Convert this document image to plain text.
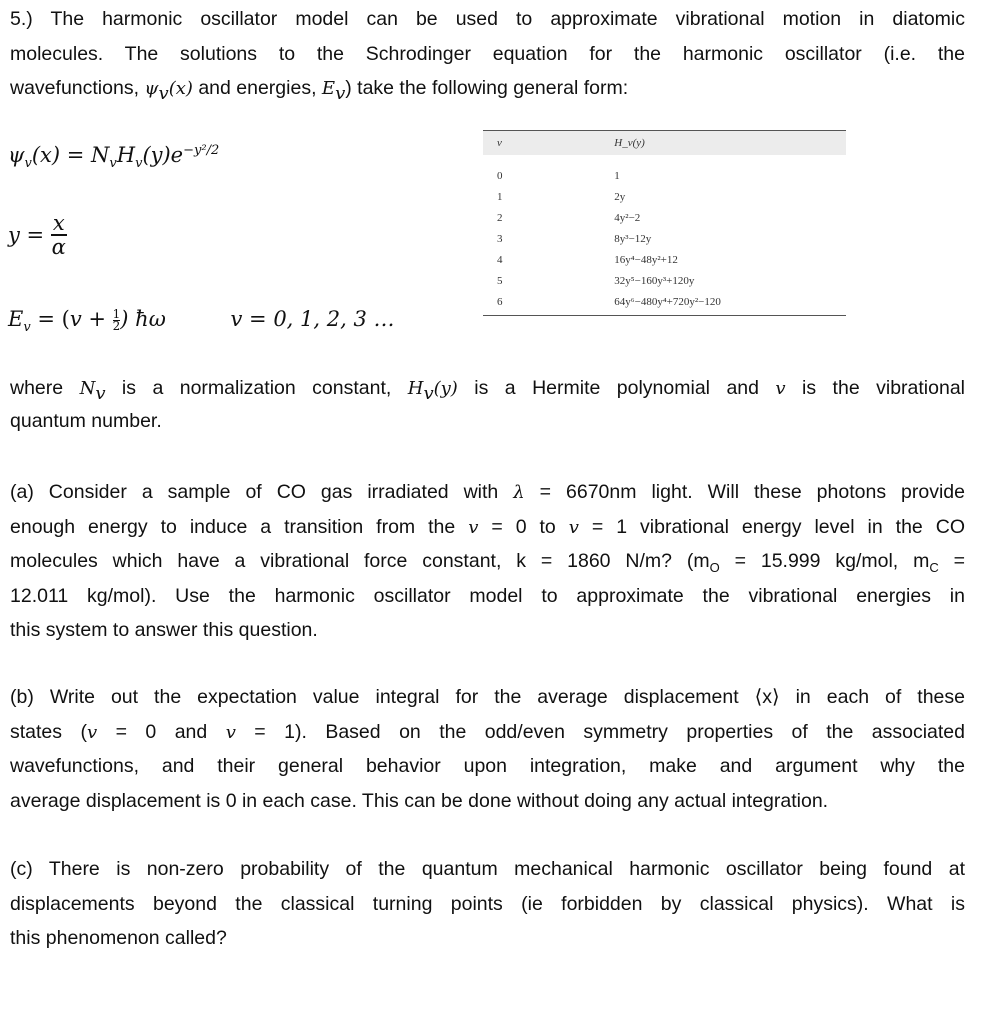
5.) The harmonic oscillator model can be used to approximate vibrational motion in diatomic
molecules. The solutions to the Schrodinger equation for the harmonic oscillator (i.e. the
wavefunctions, $\psi_v(x)$ and energies, $E_v$) take the following general form:
$\psi_v(x) = N_vH_v(y)e^{-y^2/2}$
$y = \frac{x}{\alpha}$
$E_v = (v + \frac{1}{2}$ ) ħω	v = 0, 1, 2, 3 …
v	H_v(y)
0	1
1	2y
2	4y²−2
3	8y³−12y
4	16y⁴−48y²+12
5	32y⁵−160y³+120y
6	64y⁶−480y⁴+720y²−120
where $N_v$ is a normalization constant, $H_v(y)$ is a Hermite polynomial and v is the vibrational
quantum number.
(a) Consider a sample of CO gas irradiated with λ = 6670nm light. Will these photons provide
enough energy to induce a transition from the v = 0 to v = 1 vibrational energy level in the CO
molecules which have a vibrational force constant, k = 1860 N/m? ($m_O = 15.999$ kg/mol, $m_C$ =
12.011 kg/mol). Use the harmonic oscillator model to approximate the vibrational energies in
this system to answer this question.
(b) Write out the expectation value integral for the average displacement ⟨x⟩ in each of these
states (v = 0 and v = 1). Based on the odd/even symmetry properties of the associated
wavefunctions, and their general behavior upon integration, make and argument why the
average displacement is 0 in each case. This can be done without doing any actual integration.
(c) There is non-zero probability of the quantum mechanical harmonic oscillator being found at
displacements beyond the classical turning points (ie forbidden by classical physics). What is
this phenomenon called?
